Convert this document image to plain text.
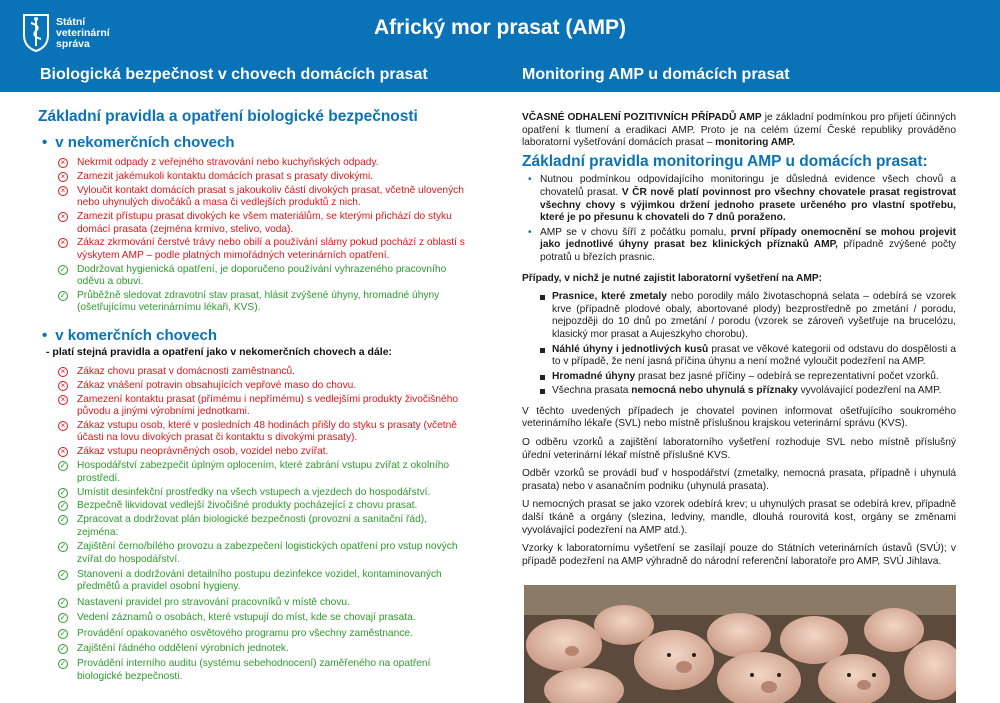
Státní
veterinární
správa
Africký mor prasat (AMP)
Biologická bezpečnost v chovech domácích prasat	Monitoring AMP u domácích prasat
Základní pravidla a opatření biologické bezpečnosti
• v nekomerčních chovech
× Nekrmit odpady z veřejného stravování nebo kuchyňských odpady.
× Zamezit jakémukoli kontaktu domácích prasat s prasaty divokými.
× Vyloučit kontakt domácích prasat s jakoukoliv částí divokých prasat, včetně ulovených nebo uhynulých divočáků a masa či vedlejších produktů z nich.
× Zamezit přístupu prasat divokých ke všem materiálům, se kterými přichází do styku domácí prasata (zejména krmivo, stelivo, voda).
× Zákaz zkrmování čerstvé trávy nebo obilí a používání slámy pokud pochází z oblastí s výskytem AMP – podle platných mimořádných veterinárních opatření.
✓ Dodržovat hygienická opatření, je doporučeno používání vyhrazeného pracovního oděvu a obuvi.
✓ Průběžně sledovat zdravotní stav prasat, hlásit zvýšené úhyny, hromadné úhyny (ošetřujícímu veterinárnímu lékaři, KVS).
• v komerčních chovech
- platí stejná pravidla a opatření jako v nekomerčních chovech a dále:
× Zákaz chovu prasat v domácnosti zaměstnanců.
× Zákaz vnášení potravin obsahujících vepřové maso do chovu.
× Zamezení kontaktu prasat (přímému i nepřímému) s vedlejšími produkty živočišného původu a jinými výrobními jednotkami.
× Zákaz vstupu osob, které v posledních 48 hodinách přišly do styku s prasaty (včetně účasti na lovu divokých prasat či kontaktu s divokými prasaty).
× Zákaz vstupu neoprávněných osob, vozidel nebo zvířat.
✓ Hospodářství zabezpečit úplným oplocením, které zabrání vstupu zvířat z okolního prostředí.
✓ Umístit desinfekční prostředky na všech vstupech a vjezdech do hospodářství.
✓ Bezpečně likvidovat vedlejší živočišné produkty pocházející z chovu prasat.
✓ Zpracovat a dodržovat plán biologické bezpečnosti (provozní a sanitační řád), zejména:
✓ Zajištění černo/bílého provozu a zabezpečení logistických opatření pro vstup nových zvířat do hospodářství.
✓ Stanovení a dodržování detailního postupu dezinfekce vozidel, kontaminovaných předmětů a pravidel osobní hygieny.
✓ Nastavení pravidel pro stravování pracovníků v místě chovu.
✓ Vedení záznamů o osobách, které vstupují do míst, kde se chovají prasata.
✓ Provádění opakovaného osvětového programu pro všechny zaměstnance.
✓ Zajištění řádného oddělení výrobních jednotek.
✓ Provádění interního auditu (systému sebehodnocení) zaměřeného na opatření biologické bezpečnosti.

VČASNÉ ODHALENÍ POZITIVNÍCH PŘÍPADŮ AMP je základní podmínkou pro přijetí účinných opatření k tlumení a eradikaci AMP. Proto je na celém území České republiky prováděno laboratorní vyšetřování domácích prasat – monitoring AMP.

Základní pravidla monitoringu AMP u domácích prasat:
• Nutnou podmínkou odpovídajícího monitoringu je důsledná evidence všech chovů a chovatelů prasat. V ČR nově platí povinnost pro všechny chovatele prasat registrovat všechny chovy s výjimkou držení jednoho prasete určeného pro vlastní spotřebu, které je po přesunu k chovateli do 7 dnů poraženo.
• AMP se v chovu šíří z počátku pomalu, první případy onemocnění se mohou projevit jako jednotlivé úhyny prasat bez klinických příznaků AMP, případně zvýšené počty potratů u březích prasnic.

Případy, v nichž je nutné zajistit laboratorní vyšetření na AMP:

Prasnice, které zmetaly nebo porodily málo životaschopná selata – odebírá se vzorek krve (případně plodové obaly, abortované plody) bezprostředně po zmetání / porodu, nejpozději do 10 dnů po zmetání / porodu (vzorek se zároveň vyšetřuje na brucelózu, klasický mor prasat a Aujeszkyho chorobu).
Náhlé úhyny i jednotlivých kusů prasat ve věkové kategorii od odstavu do dospělosti a to v případě, že není jasná příčina úhynu a není možné vyloučit podezření na AMP.
Hromadné úhyny prasat bez jasné příčiny – odebírá se reprezentativní počet vzorků.
Všechna prasata nemocná nebo uhynulá s příznaky vyvolávající podezření na AMP.

V těchto uvedených případech je chovatel povinen informovat ošetřujícího soukromého veterinárního lékaře (SVL) nebo místně příslušnou krajskou veterinární správu (KVS).

O odběru vzorků a zajištění laboratorního vyšetření rozhoduje SVL nebo místně příslušný úřední veterinární lékař místně příslušné KVS.

Odběr vzorků se provádí buď v hospodářství (zmetalky, nemocná prasata, případně i uhynulá prasata) nebo v asanačním podniku (uhynulá prasata).

U nemocných prasat se jako vzorek odebírá krev; u uhynulých prasat se odebírá krev, případně další tkáně a orgány (slezina, ledviny, mandle, dlouhá rourovitá kost, orgány se změnami vyvolávající podezření na AMP atd.).

Vzorky k laboratornímu vyšetření se zasílají pouze do Státních veterinárních ústavů (SVÚ); v případě podezření na AMP výhradně do národní referenční laboratoře pro AMP, SVÚ Jihlava.
